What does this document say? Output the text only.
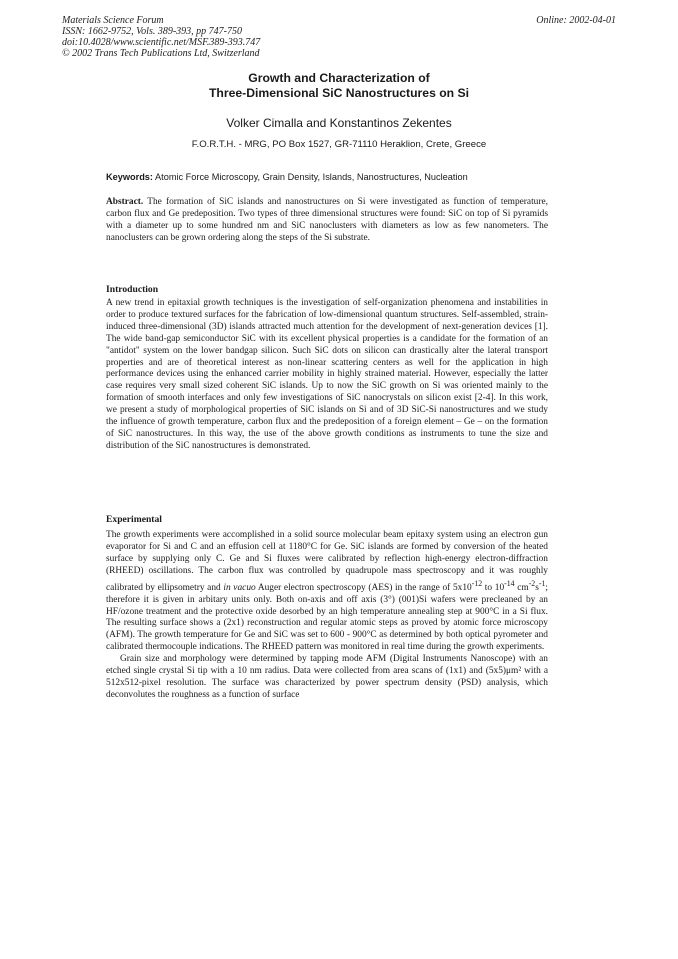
Materials Science Forum
ISSN: 1662-9752, Vols. 389-393, pp 747-750
doi:10.4028/www.scientific.net/MSF.389-393.747
© 2002 Trans Tech Publications Ltd, Switzerland
Online: 2002-04-01
Growth and Characterization of
Three-Dimensional SiC Nanostructures on Si
Volker Cimalla and Konstantinos Zekentes
F.O.R.T.H. - MRG, PO Box 1527, GR-71110 Heraklion, Crete, Greece
Keywords: Atomic Force Microscopy, Grain Density, Islands, Nanostructures, Nucleation

Abstract. The formation of SiC islands and nanostructures on Si were investigated as function of temperature, carbon flux and Ge predeposition. Two types of three dimensional structures were found: SiC on top of Si pyramids with a diameter up to some hundred nm and SiC nanoclusters with diameters as low as few nanometers. The nanoclusters can be grown ordering along the steps of the Si substrate.

Introduction

A new trend in epitaxial growth techniques is the investigation of self-organization phenomena and instabilities in order to produce textured surfaces for the fabrication of low-dimensional quantum structures. Self-assembled, strain-induced three-dimensional (3D) islands attracted much attention for the development of next-generation devices [1]. The wide band-gap semiconductor SiC with its excellent physical properties is a candidate for the formation of an "antidot" system on the lower bandgap silicon. Such SiC dots on silicon can drastically alter the lateral transport properties and are of theoretical interest as non-linear scattering centers as well for the application in high performance devices using the enhanced carrier mobility in highly strained material. However, especially the latter case requires very small sized coherent SiC islands. Up to now the SiC growth on Si was oriented mainly to the formation of smooth interfaces and only few investigations of SiC nanocrystals on silicon exist [2-4]. In this work, we present a study of morphological properties of SiC islands on Si and of 3D SiC-Si nanostructures and we study the influence of growth temperature, carbon flux and the predeposition of a foreign element – Ge – on the formation of SiC nanostructures. In this way, the use of the above growth conditions as instruments to tune the size and distribution of the SiC nanostructures is demonstrated.

Experimental

The growth experiments were accomplished in a solid source molecular beam epitaxy system using an electron gun evaporator for Si and C and an effusion cell at 1180°C for Ge. SiC islands are formed by conversion of the heated surface by supplying only C. Ge and Si fluxes were calibrated by reflection high-energy electron-diffraction (RHEED) oscillations. The carbon flux was controlled by quadrupole mass spectroscopy and it was roughly calibrated by ellipsometry and in vacuo Auger electron spectroscopy (AES) in the range of $5x10^{-12}$ to $10^{-14}$ $cm^{-2}s^{-1}$; therefore it is given in arbitary units only. Both on-axis and off axis (3°) (001)Si wafers were precleaned by an HF/ozone treatment and the protective oxide desorbed by an high temperature annealing step at 900°C in a Si flux. The resulting surface shows a (2x1) reconstruction and regular atomic steps as proved by atomic force microscopy (AFM). The growth temperature for Ge and SiC was set to 600 - 900°C as determined by both optical pyrometer and calibrated thermocouple indications. The RHEED pattern was monitored in real time during the growth experiments.

Grain size and morphology were determined by tapping mode AFM (Digital Instruments Nanoscope) with an etched single crystal Si tip with a 10 nm radius. Data were collected from area scans of (1x1) and (5x5)μm² with a 512x512-pixel resolution. The surface was characterized by power spectrum density (PSD) analysis, which deconvolutes the roughness as a function of surface
